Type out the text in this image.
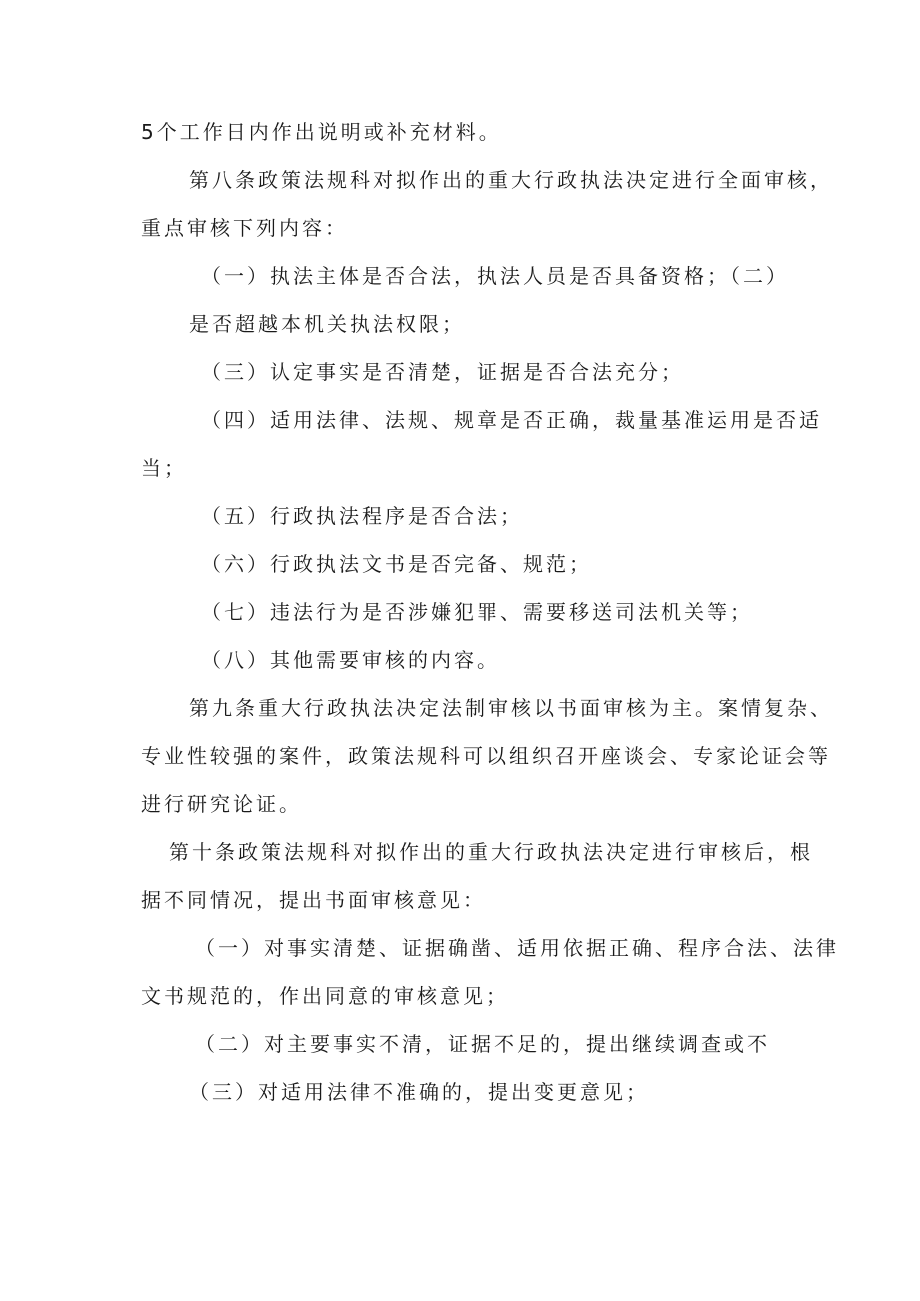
5个工作日内作出说明或补充材料。
第八条政策法规科对拟作出的重大行政执法决定进行全面审核，
重点审核下列内容：
（一）执法主体是否合法，执法人员是否具备资格；（二）
是否超越本机关执法权限；
（三）认定事实是否清楚，证据是否合法充分；
（四）适用法律、法规、规章是否正确，裁量基准运用是否适
当；
（五）行政执法程序是否合法；
（六）行政执法文书是否完备、规范；
（七）违法行为是否涉嫌犯罪、需要移送司法机关等；
（八）其他需要审核的内容。
第九条重大行政执法决定法制审核以书面审核为主。案情复杂、
专业性较强的案件，政策法规科可以组织召开座谈会、专家论证会等
进行研究论证。
第十条政策法规科对拟作出的重大行政执法决定进行审核后，根
据不同情况，提出书面审核意见：
（一）对事实清楚、证据确凿、适用依据正确、程序合法、法律
文书规范的，作出同意的审核意见；
（二）对主要事实不清，证据不足的，提出继续调查或不
（三）对适用法律不准确的，提出变更意见；
